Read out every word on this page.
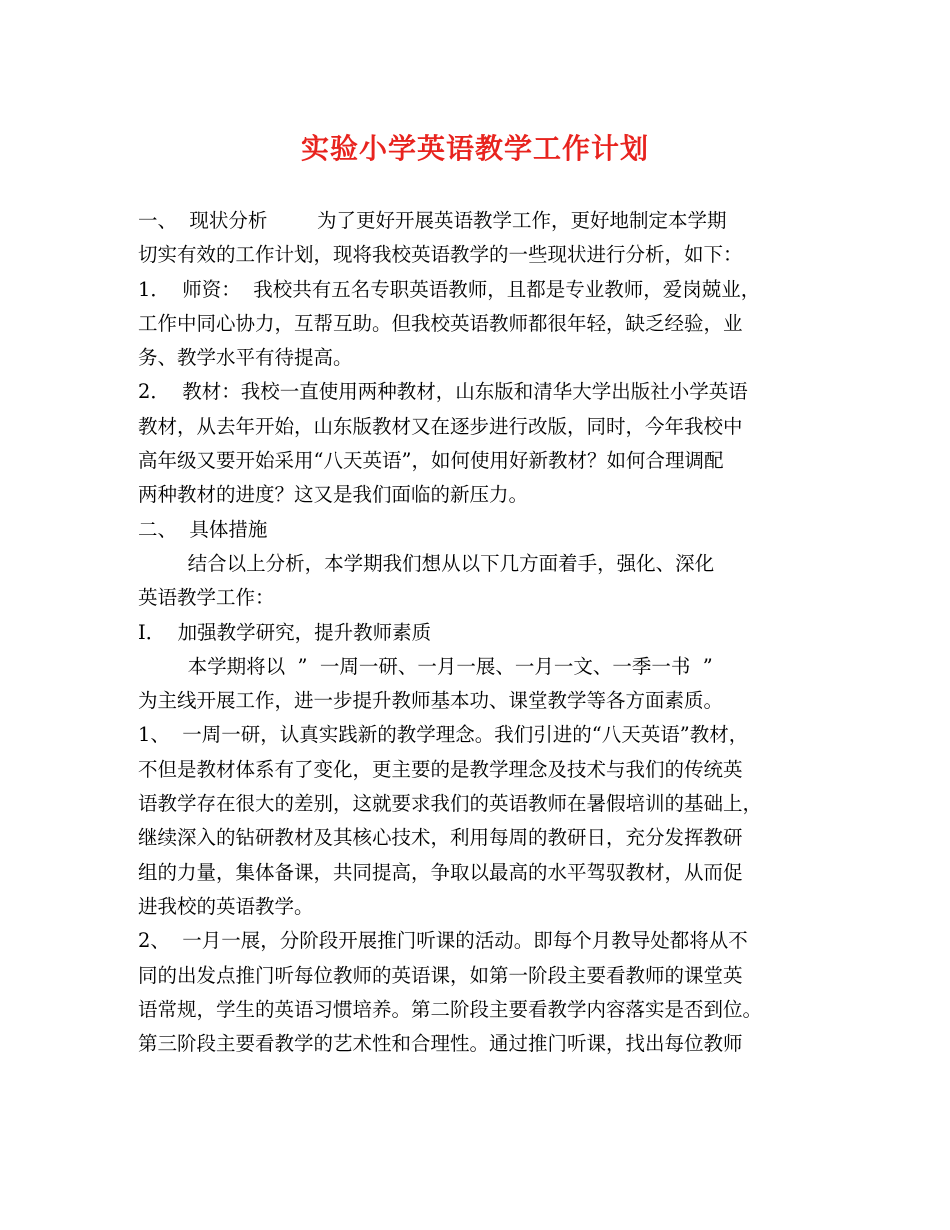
实验小学英语教学工作计划
一、  现状分析        为了更好开展英语教学工作，更好地制定本学期
切实有效的工作计划，现将我校英语教学的一些现状进行分析，如下：
1．  师资：  我校共有五名专职英语教师，且都是专业教师，爱岗兢业，
工作中同心协力，互帮互助。但我校英语教师都很年轻，缺乏经验，业
务、教学水平有待提高。
2．  教材：我校一直使用两种教材，山东版和清华大学出版社小学英语
教材，从去年开始，山东版教材又在逐步进行改版，同时，今年我校中
高年级又要开始采用“八天英语”，如何使用好新教材？如何合理调配
两种教材的进度？这又是我们面临的新压力。
二、  具体措施
结合以上分析，本学期我们想从以下几方面着手，强化、深化
英语教学工作：
I．  加强教学研究，提升教师素质
本学期将以  ”  一周一研、一月一展、一月一文、一季一书  ”
为主线开展工作，进一步提升教师基本功、课堂教学等各方面素质。
1、  一周一研，认真实践新的教学理念。我们引进的“八天英语”教材，
不但是教材体系有了变化，更主要的是教学理念及技术与我们的传统英
语教学存在很大的差别，这就要求我们的英语教师在暑假培训的基础上，
继续深入的钻研教材及其核心技术，利用每周的教研日，充分发挥教研
组的力量，集体备课，共同提高，争取以最高的水平驾驭教材，从而促
进我校的英语教学。
2、  一月一展，分阶段开展推门听课的活动。即每个月教导处都将从不
同的出发点推门听每位教师的英语课，如第一阶段主要看教师的课堂英
语常规，学生的英语习惯培养。第二阶段主要看教学内容落实是否到位。
第三阶段主要看教学的艺术性和合理性。通过推门听课，找出每位教师
